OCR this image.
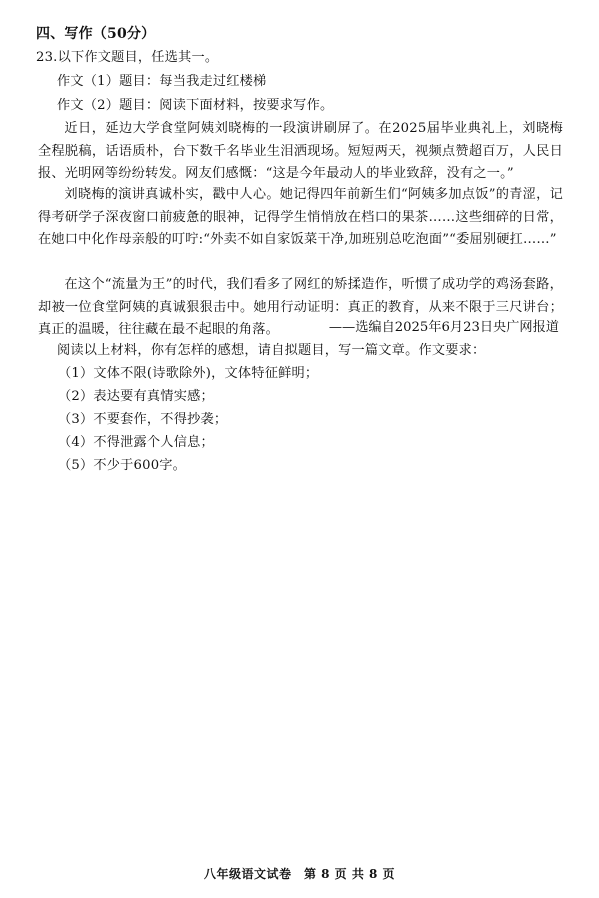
四、写作（50分）
23.以下作文题目，任选其一。
作文（1）题目：每当我走过红楼梯
作文（2）题目：阅读下面材料，按要求写作。
近日，延边大学食堂阿姨刘晓梅的一段演讲刷屏了。在2025届毕业典礼上，刘晓梅全程脱稿，话语质朴，台下数千名毕业生泪洒现场。短短两天，视频点赞超百万，人民日报、光明网等纷纷转发。网友们感慨：“这是今年最动人的毕业致辞，没有之一。”
刘晓梅的演讲真诚朴实，戳中人心。她记得四年前新生们“阿姨多加点饭”的青涩，记得考研学子深夜窗口前疲惫的眼神，记得学生悄悄放在档口的果茶……这些细碎的日常，在她口中化作母亲般的叮咛:“外卖不如自家饭菜干净,加班别总吃泡面”“委屈别硬扛……”
在这个“流量为王”的时代，我们看多了网红的矫揉造作，听惯了成功学的鸡汤套路，却被一位食堂阿姨的真诚狠狠击中。她用行动证明：真正的教育，从来不限于三尺讲台；真正的温暖，往往藏在最不起眼的角落。	——选编自2025年6月23日央广网报道
阅读以上材料，你有怎样的感想，请自拟题目，写一篇文章。作文要求：
（1）文体不限(诗歌除外)，文体特征鲜明；
（2）表达要有真情实感；
（3）不要套作，不得抄袭；
（4）不得泄露个人信息；
（5）不少于600字。
八年级语文试卷　第 8 页 共 8 页
